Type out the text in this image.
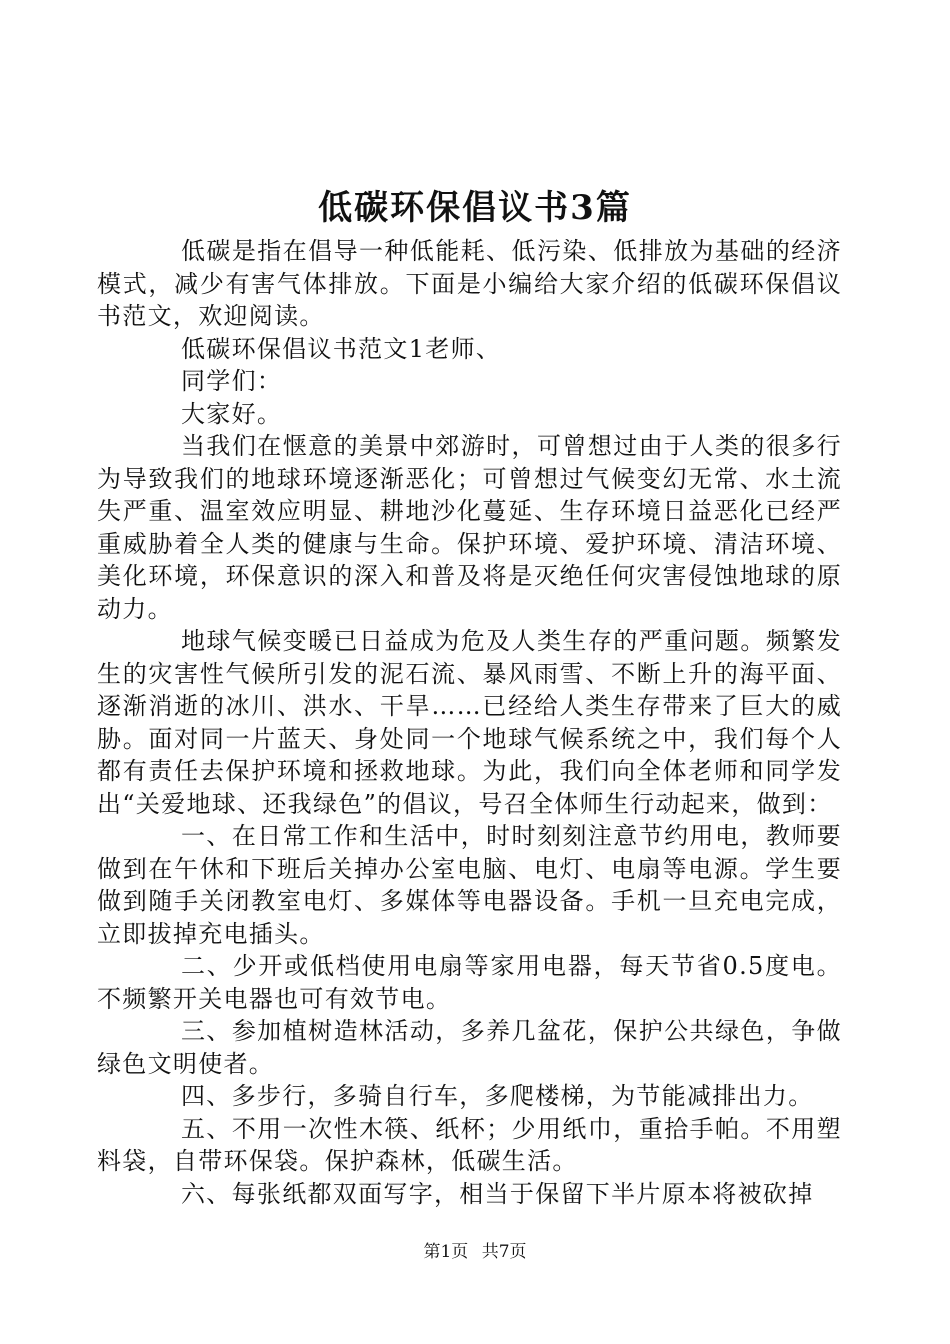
低碳环保倡议书3篇

低碳是指在倡导一种低能耗、低污染、低排放为基础的经济模式，减少有害气体排放。下面是小编给大家介绍的低碳环保倡议书范文，欢迎阅读。

低碳环保倡议书范文1老师、

同学们：

大家好。

当我们在惬意的美景中郊游时，可曾想过由于人类的很多行为导致我们的地球环境逐渐恶化；可曾想过气候变幻无常、水土流失严重、温室效应明显、耕地沙化蔓延、生存环境日益恶化已经严重威胁着全人类的健康与生命。保护环境、爱护环境、清洁环境、美化环境，环保意识的深入和普及将是灭绝任何灾害侵蚀地球的原动力。

地球气候变暖已日益成为危及人类生存的严重问题。频繁发生的灾害性气候所引发的泥石流、暴风雨雪、不断上升的海平面、逐渐消逝的冰川、洪水、干旱……已经给人类生存带来了巨大的威胁。面对同一片蓝天、身处同一个地球气候系统之中，我们每个人都有责任去保护环境和拯救地球。为此，我们向全体老师和同学发出“关爱地球、还我绿色”的倡议，号召全体师生行动起来，做到：

一、在日常工作和生活中，时时刻刻注意节约用电，教师要做到在午休和下班后关掉办公室电脑、电灯、电扇等电源。学生要做到随手关闭教室电灯、多媒体等电器设备。手机一旦充电完成，立即拔掉充电插头。

二、少开或低档使用电扇等家用电器，每天节省0.5度电。不频繁开关电器也可有效节电。

三、参加植树造林活动，多养几盆花，保护公共绿色，争做绿色文明使者。

四、多步行，多骑自行车，多爬楼梯，为节能减排出力。

五、不用一次性木筷、纸杯；少用纸巾，重拾手帕。不用塑料袋，自带环保袋。保护森林，低碳生活。

六、每张纸都双面写字，相当于保留下半片原本将被砍掉

第1页 共7页
